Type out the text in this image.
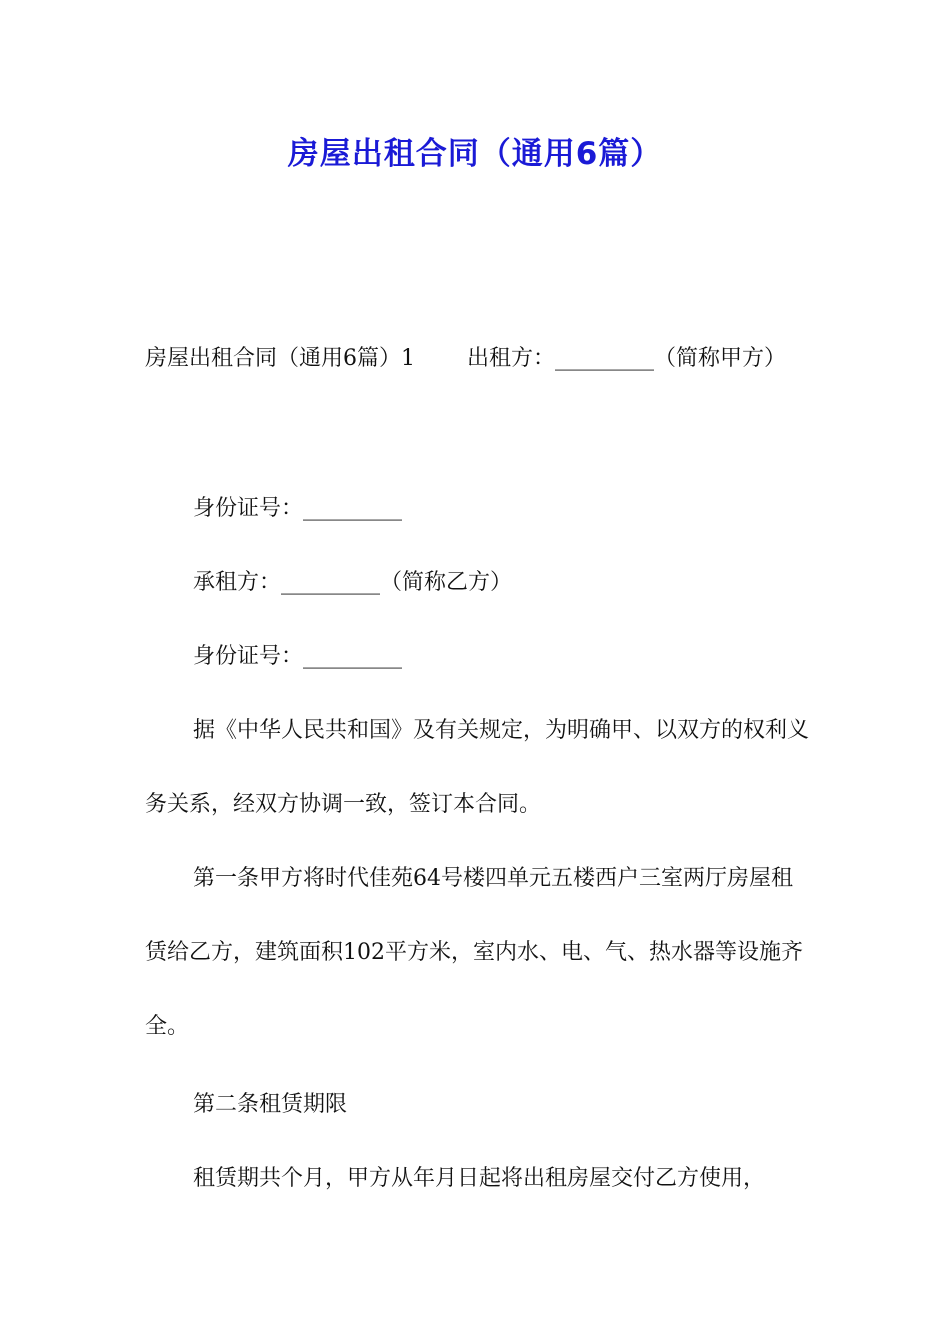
房屋出租合同（通用6篇）
房屋出租合同（通用6篇）1 出租方：_________（简称甲方）
身份证号：_________
承租方：_________（简称乙方）
身份证号：_________
据《中华人民共和国》及有关规定，为明确甲、以双方的权利义务关系，经双方协调一致，签订本合同。
第一条甲方将时代佳苑64号楼四单元五楼西户三室两厅房屋租赁给乙方，建筑面积102平方米，室内水、电、气、热水器等设施齐全。
第二条租赁期限
租赁期共个月，甲方从年月日起将出租房屋交付乙方使用，
